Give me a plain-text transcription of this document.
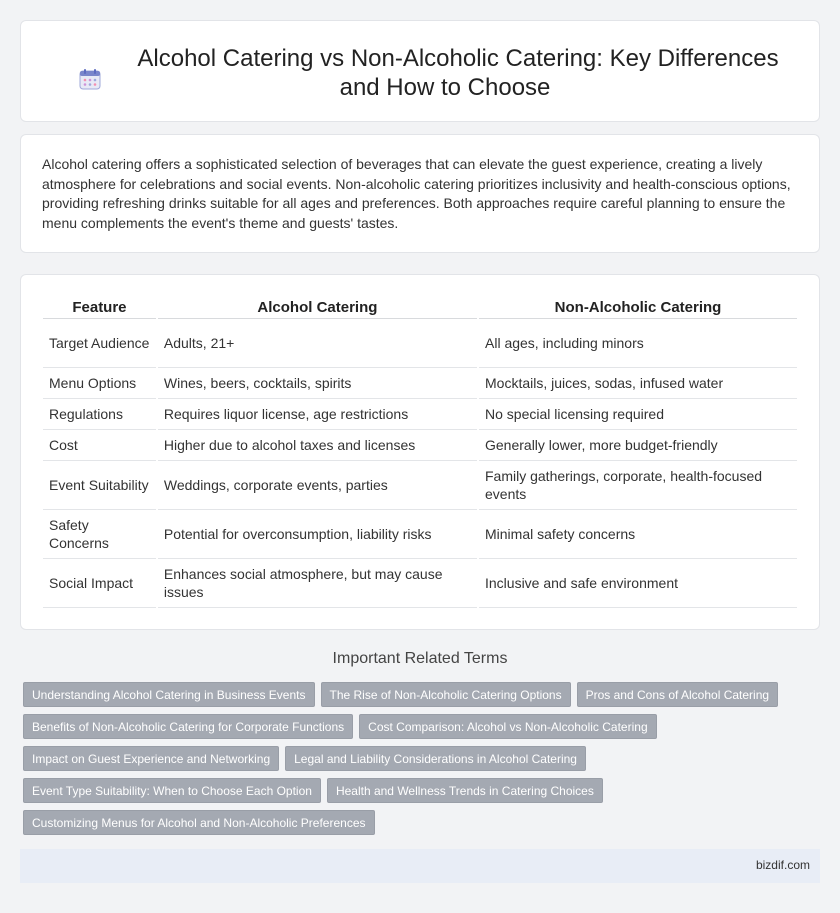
Alcohol Catering vs Non-Alcoholic Catering: Key Differences and How to Choose

Alcohol catering offers a sophisticated selection of beverages that can elevate the guest experience, creating a lively atmosphere for celebrations and social events. Non-alcoholic catering prioritizes inclusivity and health-conscious options, providing refreshing drinks suitable for all ages and preferences. Both approaches require careful planning to ensure the menu complements the event's theme and guests' tastes.

Feature	Alcohol Catering	Non-Alcoholic Catering
Target Audience	Adults, 21+	All ages, including minors
Menu Options	Wines, beers, cocktails, spirits	Mocktails, juices, sodas, infused water
Regulations	Requires liquor license, age restrictions	No special licensing required
Cost	Higher due to alcohol taxes and licenses	Generally lower, more budget-friendly
Event Suitability	Weddings, corporate events, parties	Family gatherings, corporate, health-focused events
Safety Concerns	Potential for overconsumption, liability risks	Minimal safety concerns
Social Impact	Enhances social atmosphere, but may cause issues	Inclusive and safe environment
Important Related Terms
Understanding Alcohol Catering in Business Events The Rise of Non-Alcoholic Catering Options Pros and Cons of Alcohol Catering
Benefits of Non-Alcoholic Catering for Corporate Functions Cost Comparison: Alcohol vs Non-Alcoholic Catering
Impact on Guest Experience and Networking Legal and Liability Considerations in Alcohol Catering
Event Type Suitability: When to Choose Each Option Health and Wellness Trends in Catering Choices
Customizing Menus for Alcohol and Non-Alcoholic Preferences
bizdif.com
